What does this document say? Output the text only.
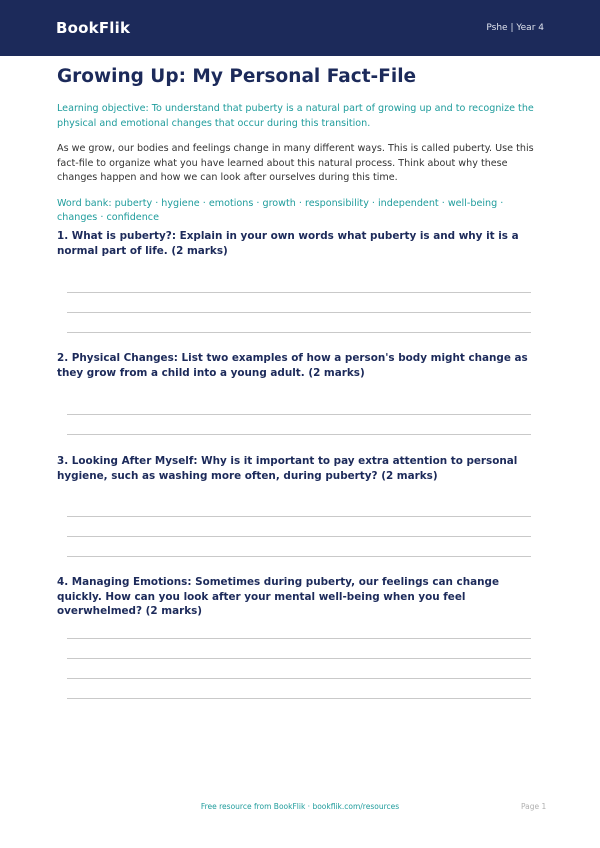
BookFlik	Pshe | Year 4
Growing Up: My Personal Fact-File
Learning objective: To understand that puberty is a natural part of growing up and to recognize the physical and emotional changes that occur during this transition.
As we grow, our bodies and feelings change in many different ways. This is called puberty. Use this fact-file to organize what you have learned about this natural process. Think about why these changes happen and how we can look after ourselves during this time.
Word bank: puberty · hygiene · emotions · growth · responsibility · independent · well-being · changes · confidence
1. What is puberty?: Explain in your own words what puberty is and why it is a normal part of life. (2 marks)
2. Physical Changes: List two examples of how a person's body might change as they grow from a child into a young adult. (2 marks)
3. Looking After Myself: Why is it important to pay extra attention to personal hygiene, such as washing more often, during puberty? (2 marks)
4. Managing Emotions: Sometimes during puberty, our feelings can change quickly. How can you look after your mental well-being when you feel overwhelmed? (2 marks)
Free resource from BookFlik · bookflik.com/resources	Page 1
